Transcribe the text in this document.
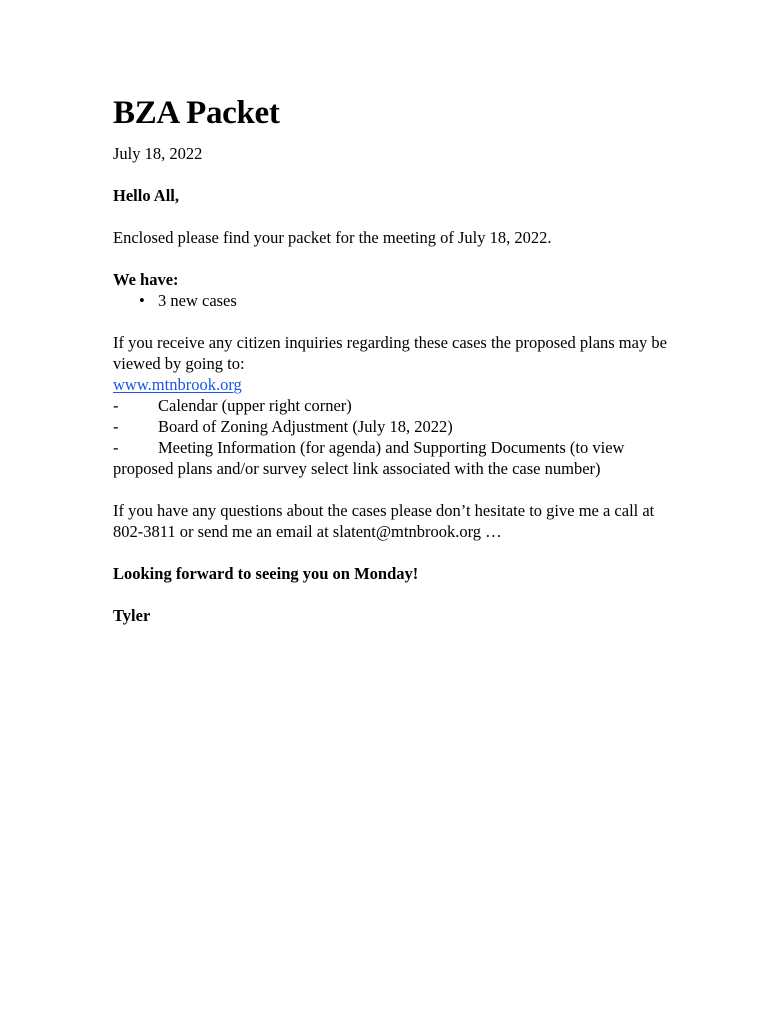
BZA Packet

July 18, 2022

Hello All,

Enclosed please find your packet for the meeting of July 18, 2022.

We have:

• 3 new cases

If you receive any citizen inquiries regarding these cases the proposed plans may be viewed by going to:

www.mtnbrook.org

-	Calendar (upper right corner)
-	Board of Zoning Adjustment (July 18, 2022)
- Meeting Information (for agenda) and Supporting Documents (to view proposed plans and/or survey select link associated with the case number)

If you have any questions about the cases please don’t hesitate to give me a call at 802-3811 or send me an email at slatent@mtnbrook.org …

Looking forward to seeing you on Monday!

Tyler
